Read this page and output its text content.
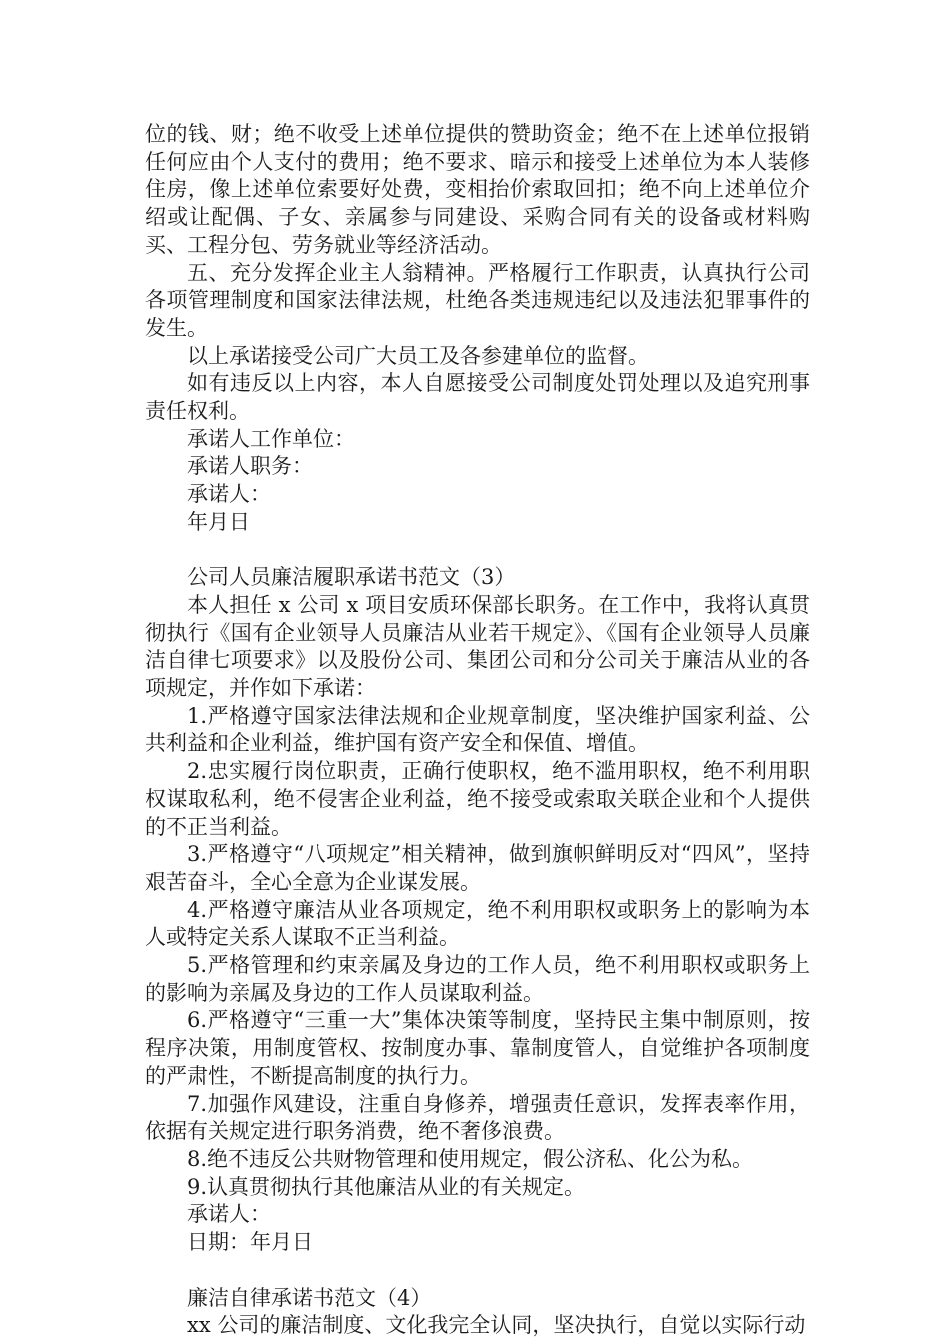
位的钱、财；绝不收受上述单位提供的赞助资金；绝不在上述单位报销任何应由个人支付的费用；绝不要求、暗示和接受上述单位为本人装修住房，像上述单位索要好处费，变相抬价索取回扣；绝不向上述单位介绍或让配偶、子女、亲属参与同建设、采购合同有关的设备或材料购买、工程分包、劳务就业等经济活动。

五、充分发挥企业主人翁精神。严格履行工作职责，认真执行公司各项管理制度和国家法律法规，杜绝各类违规违纪以及违法犯罪事件的发生。

以上承诺接受公司广大员工及各参建单位的监督。

如有违反以上内容，本人自愿接受公司制度处罚处理以及追究刑事责任权利。

承诺人工作单位：

承诺人职务：

承诺人：

年月日

公司人员廉洁履职承诺书范文（3）

本人担任 x 公司 x 项目安质环保部长职务。在工作中，我将认真贯彻执行《国有企业领导人员廉洁从业若干规定》、《国有企业领导人员廉洁自律七项要求》以及股份公司、集团公司和分公司关于廉洁从业的各项规定，并作如下承诺：

1.严格遵守国家法律法规和企业规章制度，坚决维护国家利益、公共利益和企业利益，维护国有资产安全和保值、增值。

2.忠实履行岗位职责，正确行使职权，绝不滥用职权，绝不利用职权谋取私利，绝不侵害企业利益，绝不接受或索取关联企业和个人提供的不正当利益。

3.严格遵守“八项规定”相关精神，做到旗帜鲜明反对“四风”，坚持艰苦奋斗，全心全意为企业谋发展。

4.严格遵守廉洁从业各项规定，绝不利用职权或职务上的影响为本人或特定关系人谋取不正当利益。

5.严格管理和约束亲属及身边的工作人员，绝不利用职权或职务上的影响为亲属及身边的工作人员谋取利益。

6.严格遵守“三重一大”集体决策等制度，坚持民主集中制原则，按程序决策，用制度管权、按制度办事、靠制度管人，自觉维护各项制度的严肃性，不断提高制度的执行力。

7.加强作风建设，注重自身修养，增强责任意识，发挥表率作用，依据有关规定进行职务消费，绝不奢侈浪费。

8.绝不违反公共财物管理和使用规定，假公济私、化公为私。

9.认真贯彻执行其他廉洁从业的有关规定。

承诺人：

日期：年月日

廉洁自律承诺书范文（4）

xx 公司的廉洁制度、文化我完全认同，坚决执行，自觉以实际行动
